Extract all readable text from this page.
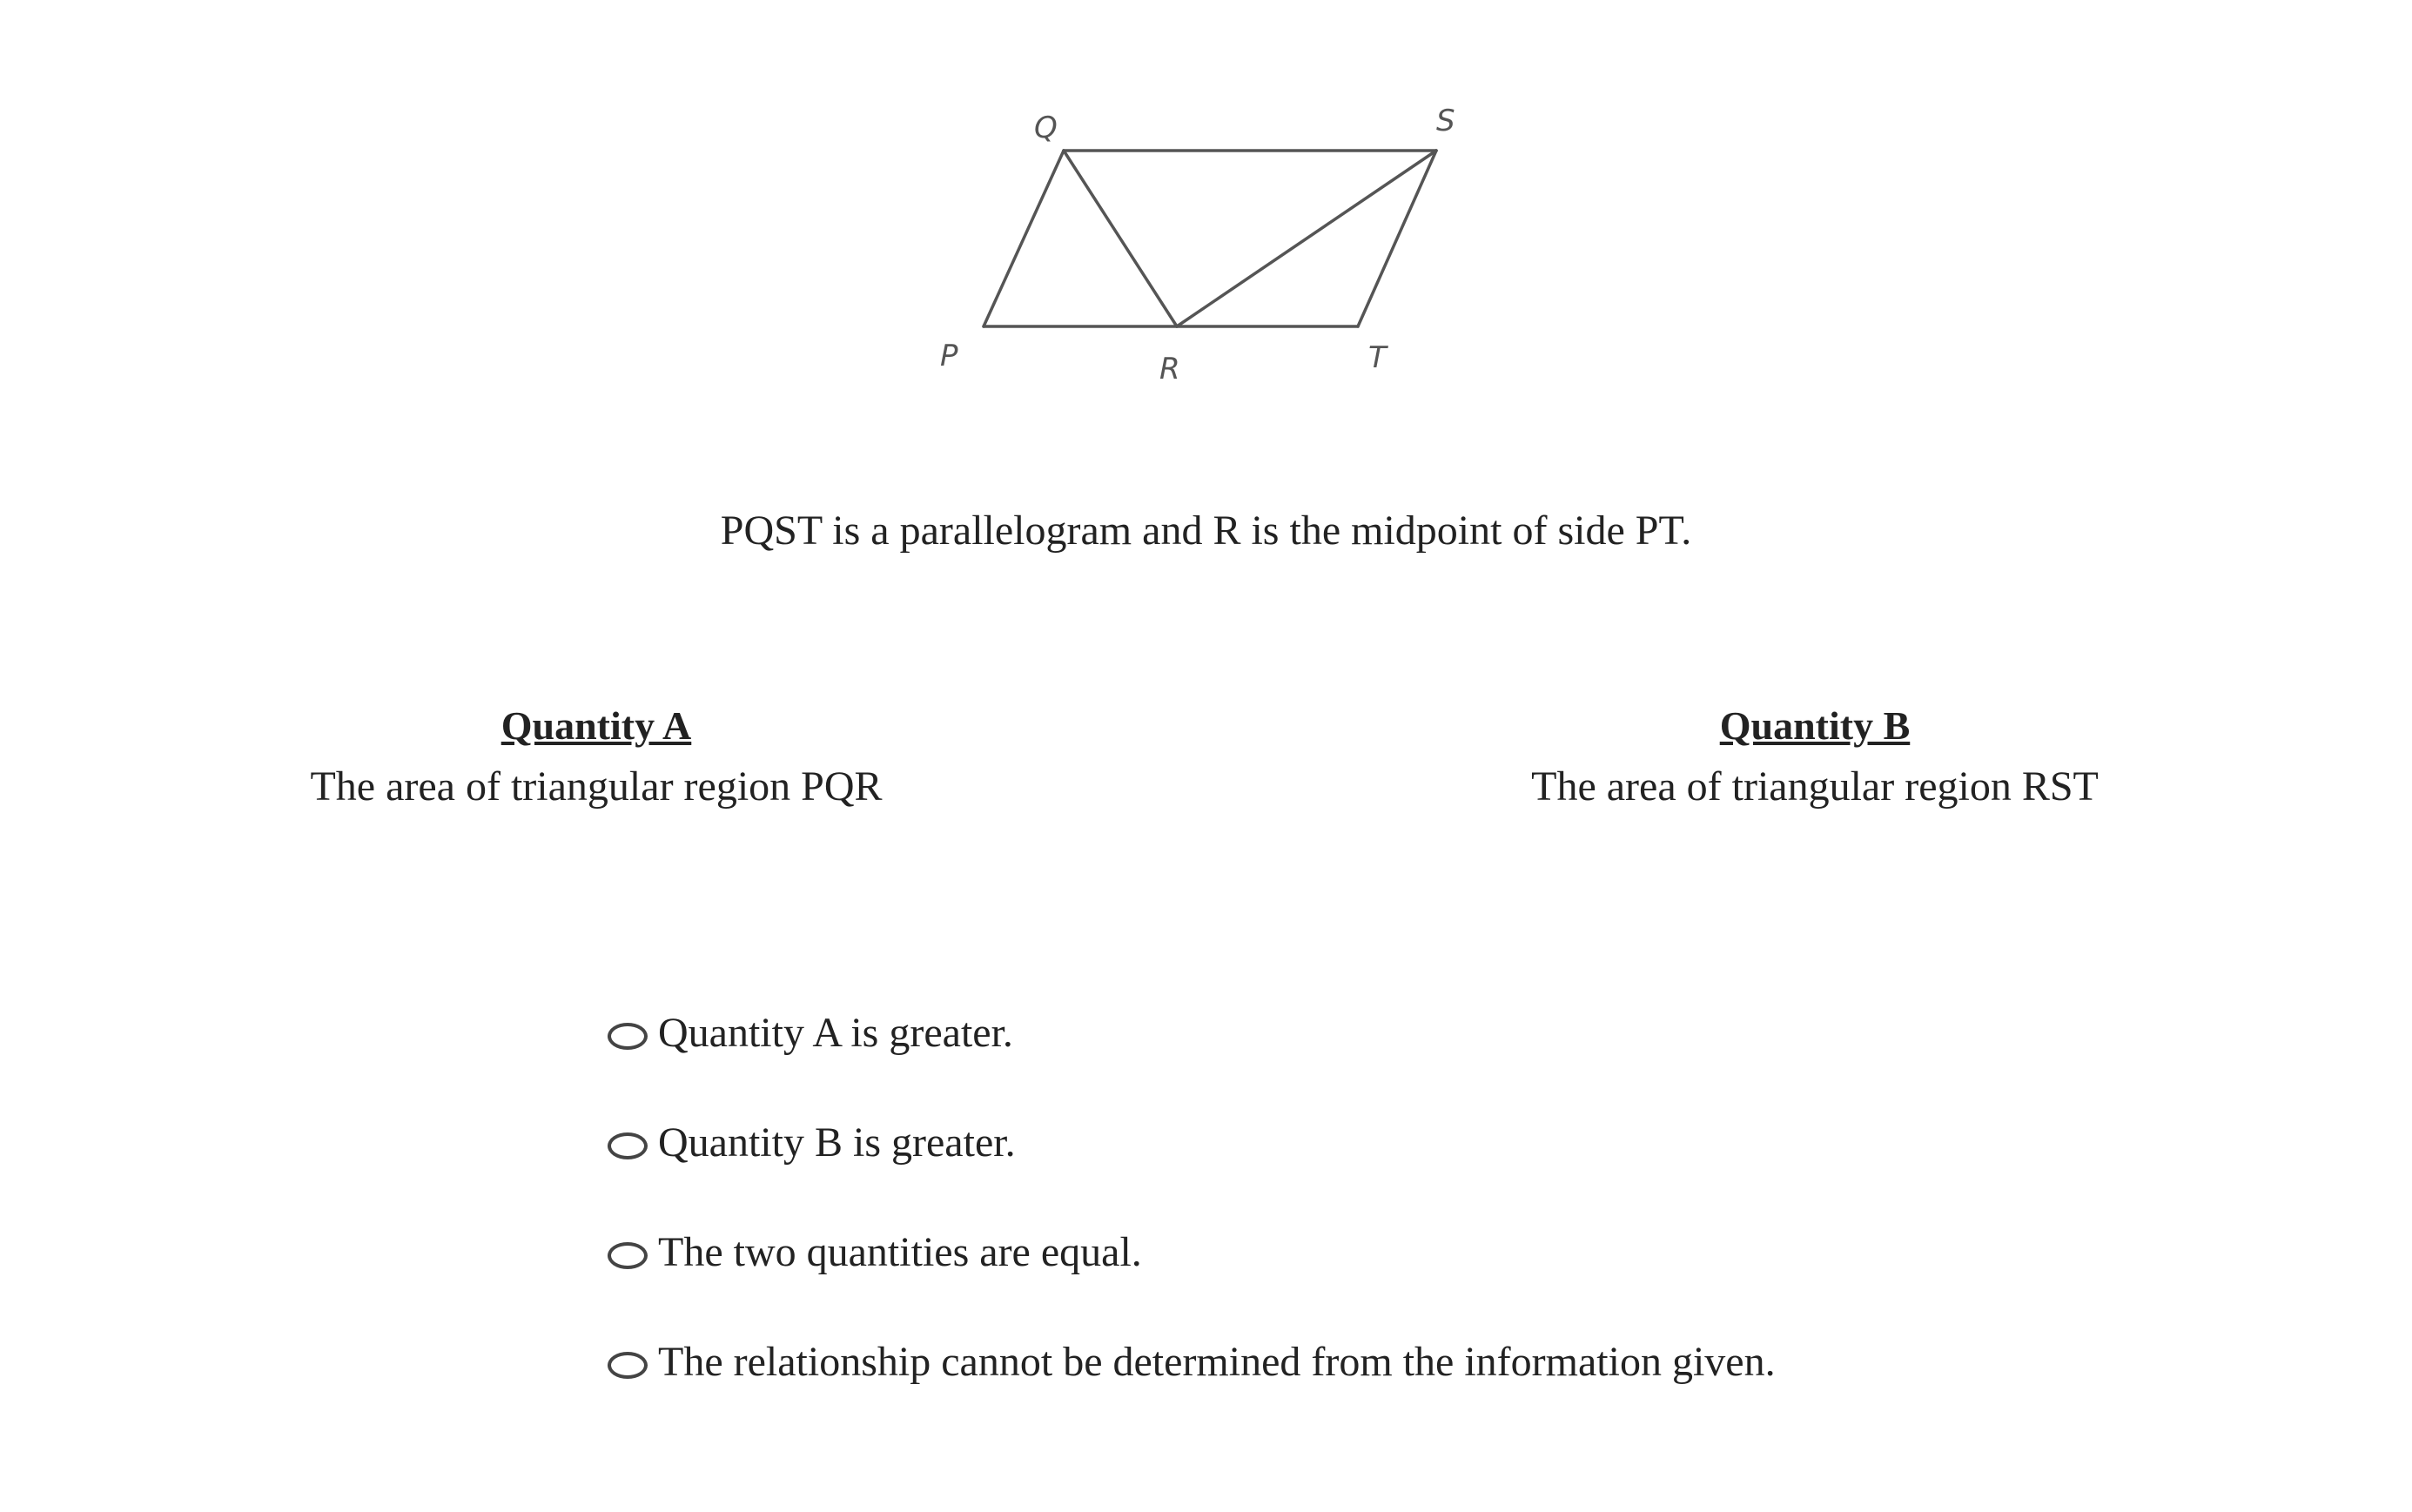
Q	S
P	R	T
PQST is a parallelogram and R is the midpoint of side PT.
Quantity A
The area of triangular region PQR
Quantity B
The area of triangular region RST
Quantity A is greater.
Quantity B is greater.
The two quantities are equal.
The relationship cannot be determined from the information given.
